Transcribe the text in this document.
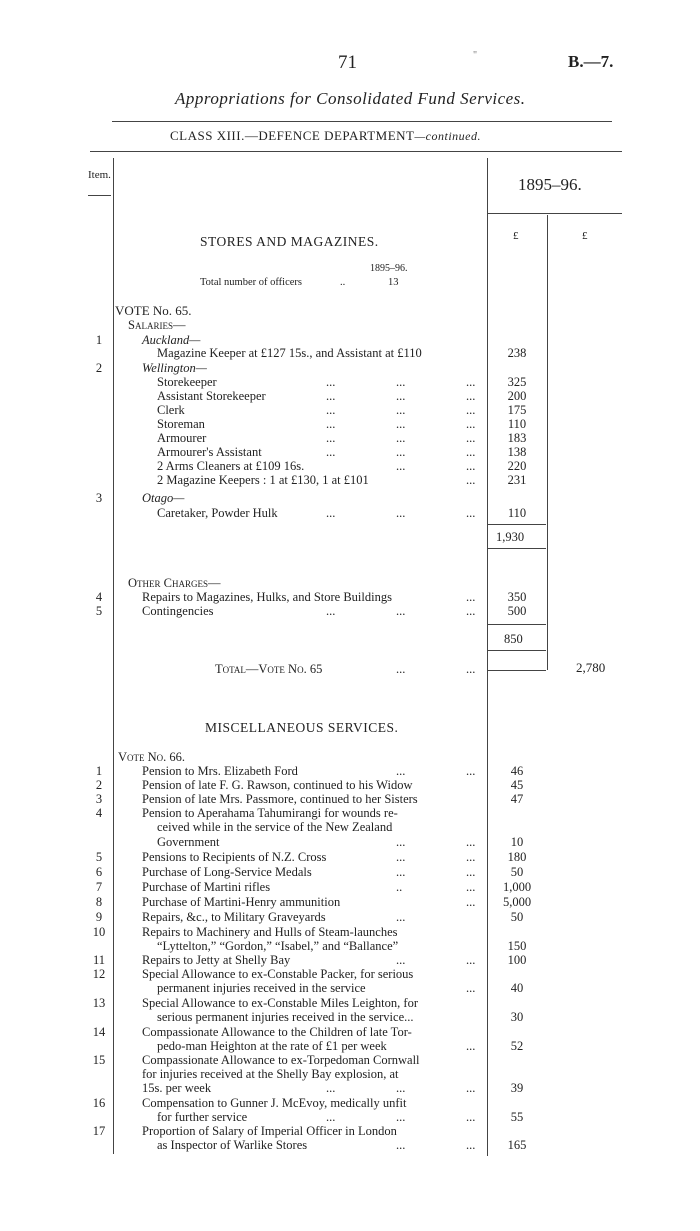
71	"	B.—7.
Appropriations for Consolidated Fund Services.
CLASS XIII.—DEFENCE DEPARTMENT—continued.
Item.	1895–96.
£	£
STORES AND MAGAZINES.
1895–96.
Total number of officers	..	13
VOTE No. 65.
Salaries—
1	Auckland—
Magazine Keeper at £127 15s., and Assistant at £110	238
2	Wellington—
Storekeeper	...	...	...	325
Assistant Storekeeper	...	...	...	200
Clerk	...	...	...	175
Storeman	...	...	...	110
Armourer	...	...	...	183
Armourer's Assistant	...	...	...	138
2 Arms Cleaners at £109 16s.	...	...	220
2 Magazine Keepers : 1 at £130, 1 at £101	...	231
3	Otago—
Caretaker, Powder Hulk	...	...	...	110
1,930
Other Charges—
4	Repairs to Magazines, Hulks, and Store Buildings	...	350
5	Contingencies	...	...	...	500
850
Total—Vote No. 65	...	...	2,780
MISCELLANEOUS SERVICES.
Vote No. 66.
1	Pension to Mrs. Elizabeth Ford	...	...	46
2	Pension of late F. G. Rawson, continued to his Widow	45
3	Pension of late Mrs. Passmore, continued to her Sisters	47
4	Pension to Aperahama Tahumirangi for wounds re-
ceived while in the service of the New Zealand
Government	...	...	10
5	Pensions to Recipients of N.Z. Cross	...	...	180
6	Purchase of Long-Service Medals	...	...	50
7	Purchase of Martini rifles	..	...	1,000
8	Purchase of Martini-Henry ammunition	...	5,000
9	Repairs, &c., to Military Graveyards	...	50
10	Repairs to Machinery and Hulls of Steam-launches
“Lyttelton,” “Gordon,” “Isabel,” and “Ballance”	150
11	Repairs to Jetty at Shelly Bay	...	...	100
12	Special Allowance to ex-Constable Packer, for serious
permanent injuries received in the service	...	40
13	Special Allowance to ex-Constable Miles Leighton, for
serious permanent injuries received in the service...	30
14	Compassionate Allowance to the Children of late Tor-
pedo-man Heighton at the rate of £1 per week	...	52
15	Compassionate Allowance to ex-Torpedoman Cornwall
for injuries received at the Shelly Bay explosion, at
15s. per week	...	...	...	39
16	Compensation to Gunner J. McEvoy, medically unfit
for further service	...	...	...	55
17	Proportion of Salary of Imperial Officer in London
as Inspector of Warlike Stores	...	...	165
